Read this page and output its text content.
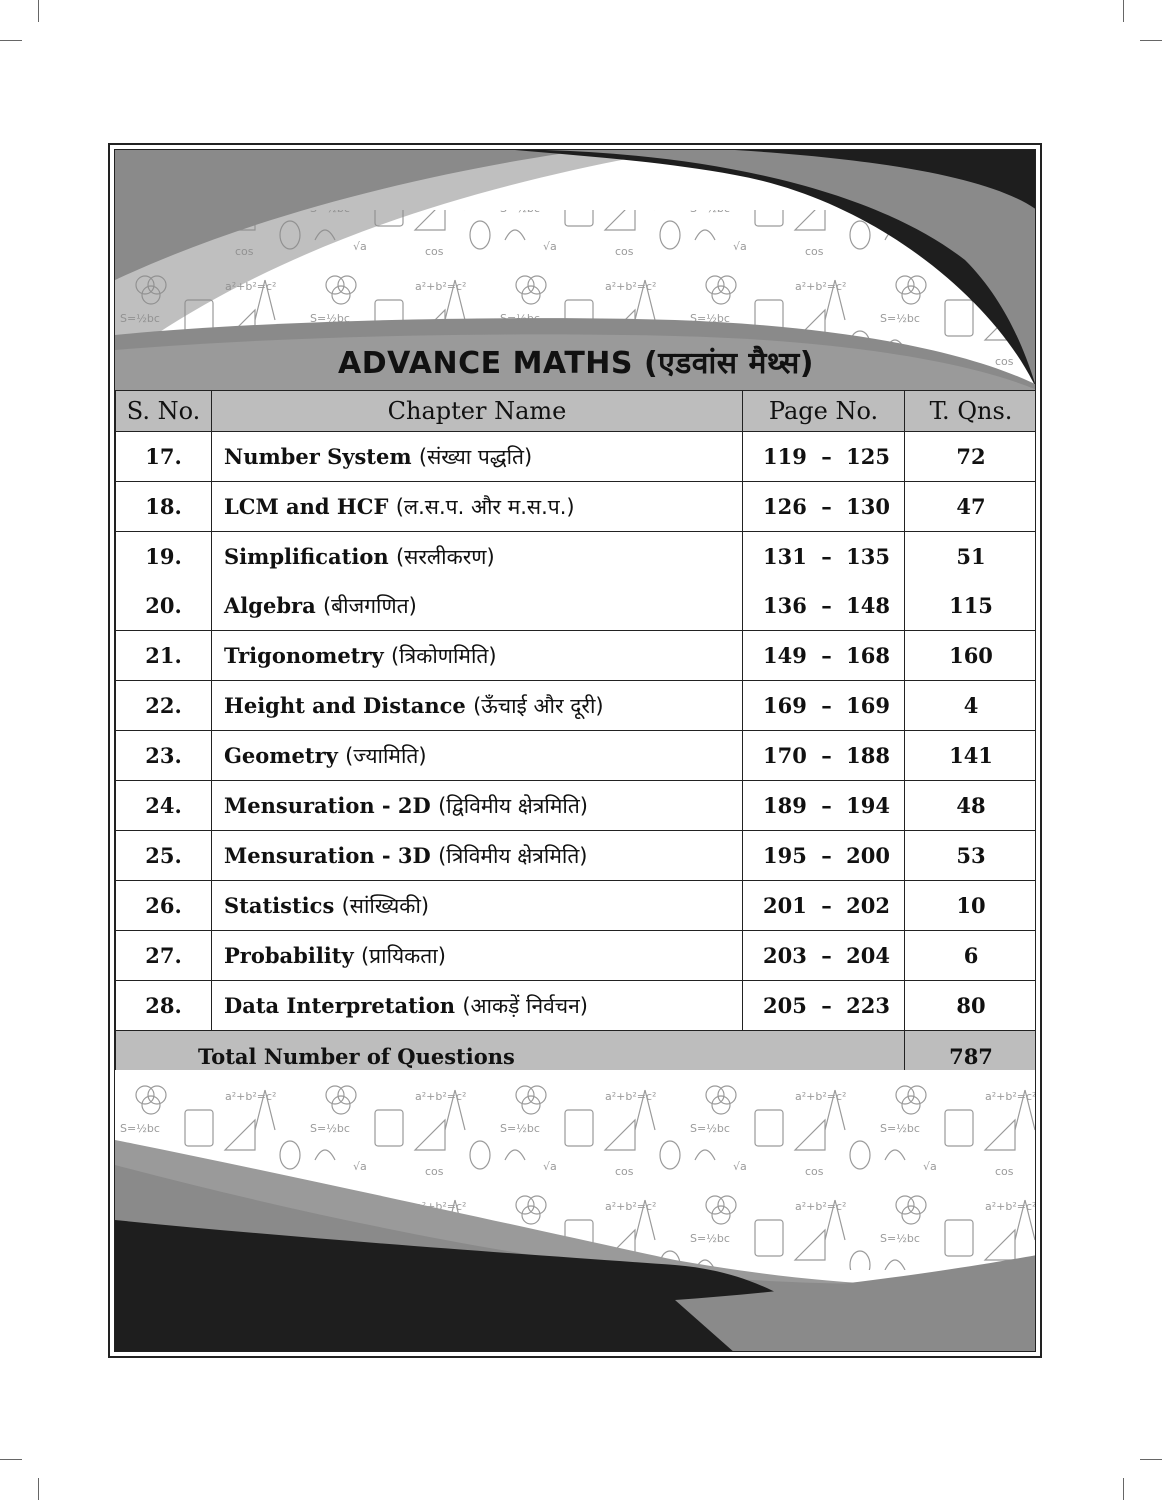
ADVANCE MATHS (एडवांस मैथ्स)
S. No.	Chapter Name	Page No.	T. Qns.
17.	Number System (संख्या पद्धति)	119 – 125	72
18.	LCM and HCF (ल.स.प. और म.स.प.)	126 – 130	47
19.	Simplification (सरलीकरण)	131 – 135	51
20.	Algebra (बीजगणित)	136 – 148	115
21.	Trigonometry (त्रिकोणमिति)	149 – 168	160
22.	Height and Distance (ऊँचाई और दूरी)	169 – 169	4
23.	Geometry (ज्यामिति)	170 – 188	141
24.	Mensuration - 2D (द्विविमीय क्षेत्रमिति)	189 – 194	48
25.	Mensuration - 3D (त्रिविमीय क्षेत्रमिति)	195 – 200	53
26.	Statistics (सांख्यिकी)	201 – 202	10
27.	Probability (प्रायिकता)	203 – 204	6
28.	Data Interpretation (आकड़ें निर्वचन)	205 – 223	80
Total Number of Questions			787
